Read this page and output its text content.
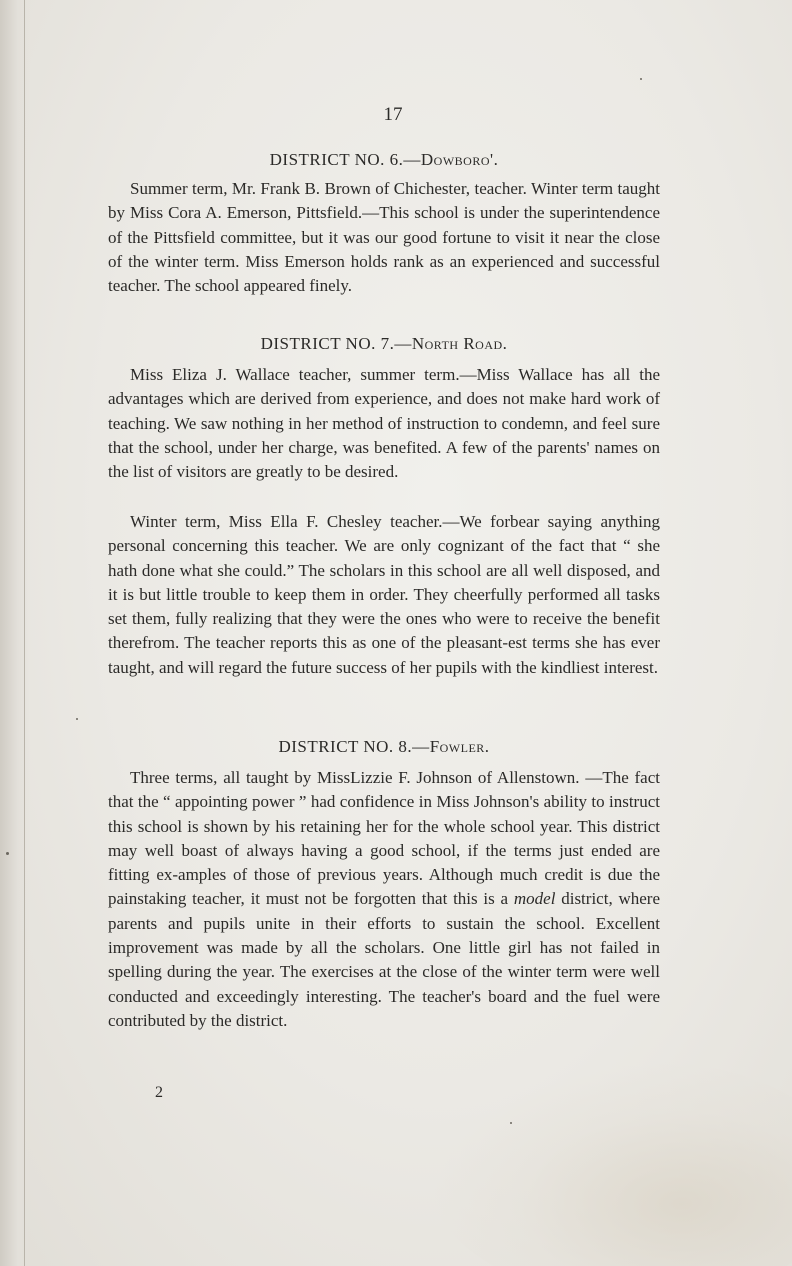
17
DISTRICT NO. 6.—Dowboro'.

Summer term, Mr. Frank B. Brown of Chichester, teacher. Winter term taught by Miss Cora A. Emerson, Pittsfield.—This school is under the superintendence of the Pittsfield committee, but it was our good fortune to visit it near the close of the winter term. Miss Emerson holds rank as an experienced and successful teacher. The school appeared finely.

DISTRICT NO. 7.—North Road.

Miss Eliza J. Wallace teacher, summer term.—Miss Wallace has all the advantages which are derived from experience, and does not make hard work of teaching. We saw nothing in her method of instruction to condemn, and feel sure that the school, under her charge, was benefited. A few of the parents' names on the list of visitors are greatly to be desired.

Winter term, Miss Ella F. Chesley teacher.—We forbear saying anything personal concerning this teacher. We are only cognizant of the fact that “ she hath done what she could.” The scholars in this school are all well disposed, and it is but little trouble to keep them in order. They cheerfully performed all tasks set them, fully realizing that they were the ones who were to receive the benefit therefrom. The teacher reports this as one of the pleasant-est terms she has ever taught, and will regard the future success of her pupils with the kindliest interest.

DISTRICT NO. 8.—Fowler.

Three terms, all taught by MissLizzie F. Johnson of Allenstown. —The fact that the “ appointing power ” had confidence in Miss Johnson's ability to instruct this school is shown by his retaining her for the whole school year. This district may well boast of always having a good school, if the terms just ended are fitting ex-amples of those of previous years. Although much credit is due the painstaking teacher, it must not be forgotten that this is a model district, where parents and pupils unite in their efforts to sustain the school. Excellent improvement was made by all the scholars. One little girl has not failed in spelling during the year. The exercises at the close of the winter term were well conducted and exceedingly interesting. The teacher's board and the fuel were contributed by the district.

2
